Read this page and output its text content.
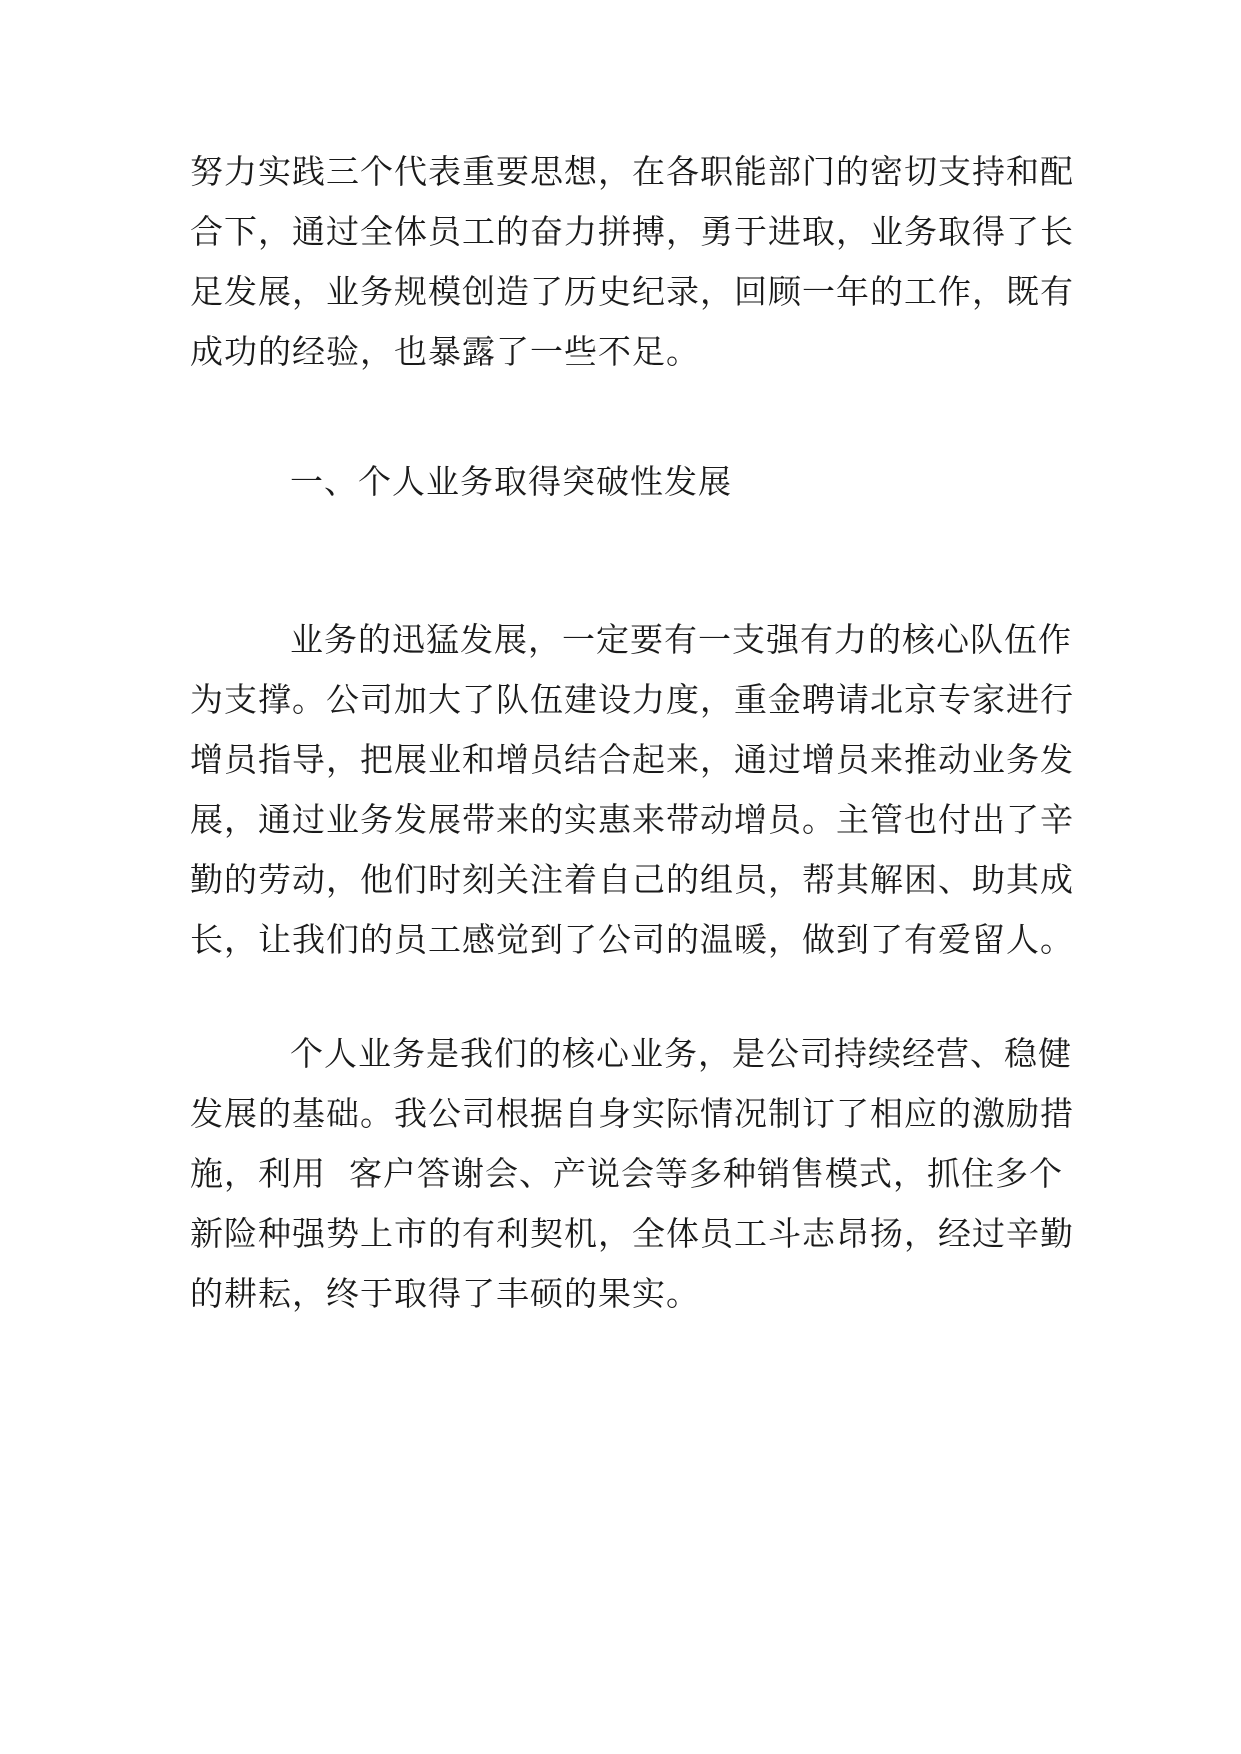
努力实践三个代表重要思想，在各职能部门的密切支持和配
合下，通过全体员工的奋力拼搏，勇于进取，业务取得了长
足发展，业务规模创造了历史纪录，回顾一年的工作，既有
成功的经验，也暴露了一些不足。
一、个人业务取得突破性发展
业务的迅猛发展，一定要有一支强有力的核心队伍作
为支撑。公司加大了队伍建设力度，重金聘请北京专家进行
增员指导，把展业和增员结合起来，通过增员来推动业务发
展，通过业务发展带来的实惠来带动增员。主管也付出了辛
勤的劳动，他们时刻关注着自己的组员，帮其解困、助其成
长，让我们的员工感觉到了公司的温暖，做到了有爱留人。
个人业务是我们的核心业务，是公司持续经营、稳健
发展的基础。我公司根据自身实际情况制订了相应的激励措
施，利用  客户答谢会、产说会等多种销售模式，抓住多个
新险种强势上市的有利契机，全体员工斗志昂扬，经过辛勤
的耕耘，终于取得了丰硕的果实。
